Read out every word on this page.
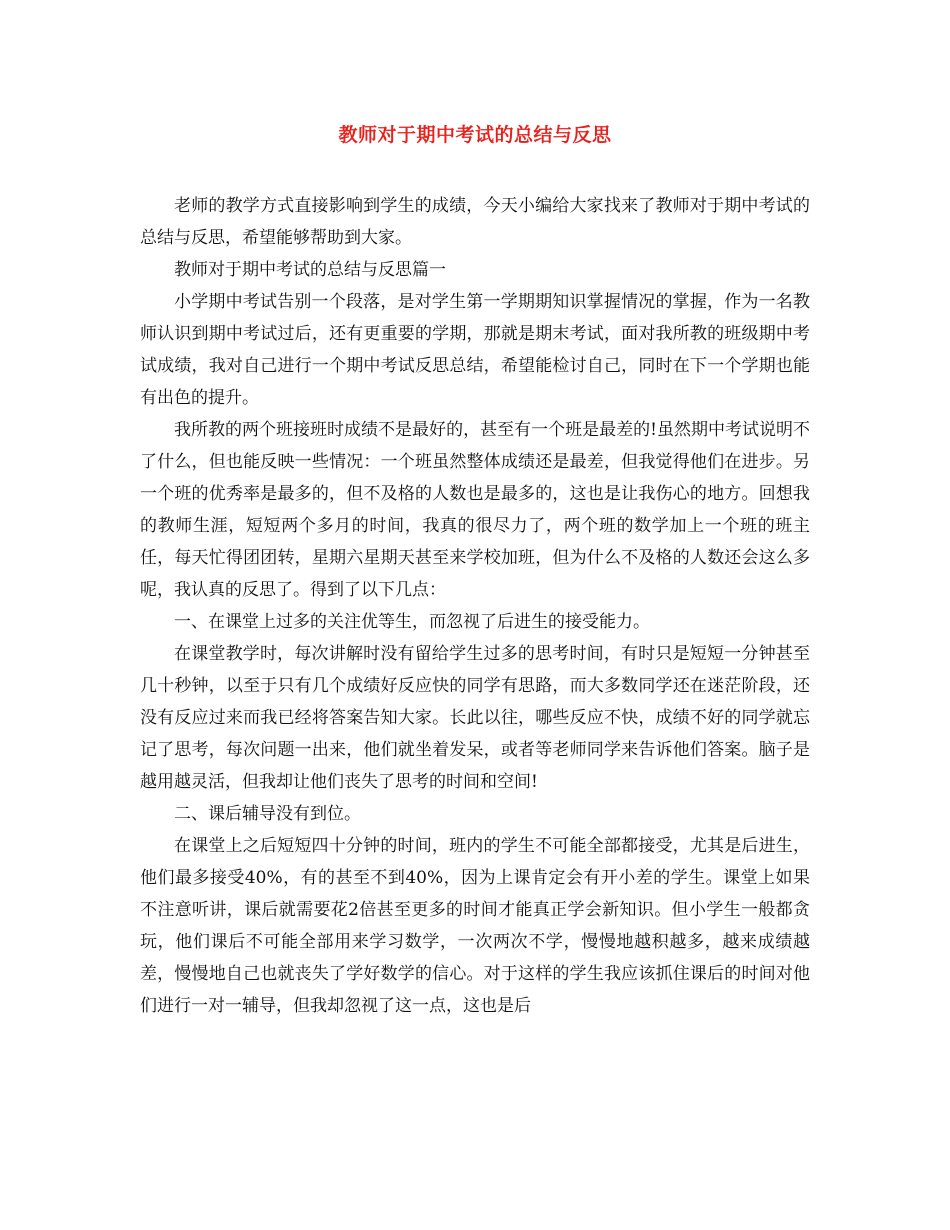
教师对于期中考试的总结与反思

老师的教学方式直接影响到学生的成绩，今天小编给大家找来了教师对于期中考试的总结与反思，希望能够帮助到大家。

教师对于期中考试的总结与反思篇一

小学期中考试告别一个段落，是对学生第一学期期知识掌握情况的掌握，作为一名教师认识到期中考试过后，还有更重要的学期，那就是期末考试，面对我所教的班级期中考试成绩，我对自己进行一个期中考试反思总结，希望能检讨自己，同时在下一个学期也能有出色的提升。

我所教的两个班接班时成绩不是最好的，甚至有一个班是最差的!虽然期中考试说明不了什么，但也能反映一些情况：一个班虽然整体成绩还是最差，但我觉得他们在进步。另一个班的优秀率是最多的，但不及格的人数也是最多的，这也是让我伤心的地方。回想我的教师生涯，短短两个多月的时间，我真的很尽力了，两个班的数学加上一个班的班主任，每天忙得团团转，星期六星期天甚至来学校加班，但为什么不及格的人数还会这么多呢，我认真的反思了。得到了以下几点：

一、在课堂上过多的关注优等生，而忽视了后进生的接受能力。

在课堂教学时，每次讲解时没有留给学生过多的思考时间，有时只是短短一分钟甚至几十秒钟，以至于只有几个成绩好反应快的同学有思路，而大多数同学还在迷茫阶段，还没有反应过来而我已经将答案告知大家。长此以往，哪些反应不快，成绩不好的同学就忘记了思考，每次问题一出来，他们就坐着发呆，或者等老师同学来告诉他们答案。脑子是越用越灵活，但我却让他们丧失了思考的时间和空间!

二、课后辅导没有到位。

在课堂上之后短短四十分钟的时间，班内的学生不可能全部都接受，尤其是后进生，他们最多接受40%，有的甚至不到40%，因为上课肯定会有开小差的学生。课堂上如果不注意听讲，课后就需要花2倍甚至更多的时间才能真正学会新知识。但小学生一般都贪玩，他们课后不可能全部用来学习数学，一次两次不学，慢慢地越积越多，越来成绩越差，慢慢地自己也就丧失了学好数学的信心。对于这样的学生我应该抓住课后的时间对他们进行一对一辅导，但我却忽视了这一点，这也是后
